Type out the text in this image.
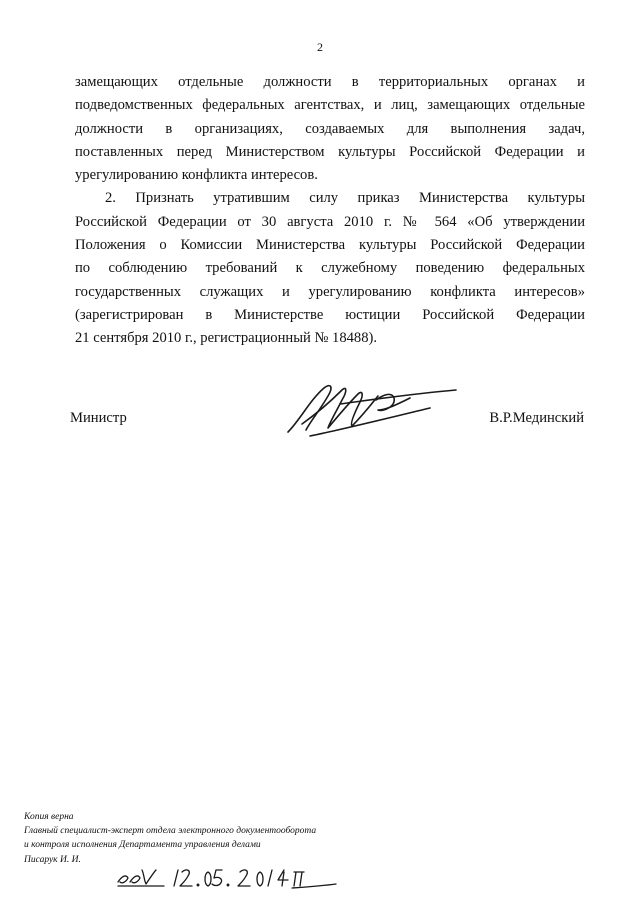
2

замещающих отдельные должности в территориальных органах и
подведомственных федеральных агентствах, и лиц, замещающих отдельные
должности в организациях, создаваемых для выполнения задач,
поставленных перед Министерством культуры Российской Федерации и
урегулированию конфликта интересов.

2. Признать утратившим силу приказ Министерства культуры
Российской Федерации от 30 августа 2010 г. № 564 «Об утверждении
Положения о Комиссии Министерства культуры Российской Федерации
по соблюдению требований к служебному поведению федеральных
государственных служащих и урегулированию конфликта интересов»
(зарегистрирован в Министерстве юстиции Российской Федерации
21 сентября 2010 г., регистрационный № 18488).

Министр	В.Р.Мединский
Копия верна
Главный специалист-эксперт отдела электронного документооборота
и контроля исполнения Департамента управления делами
Писарук И. И.
